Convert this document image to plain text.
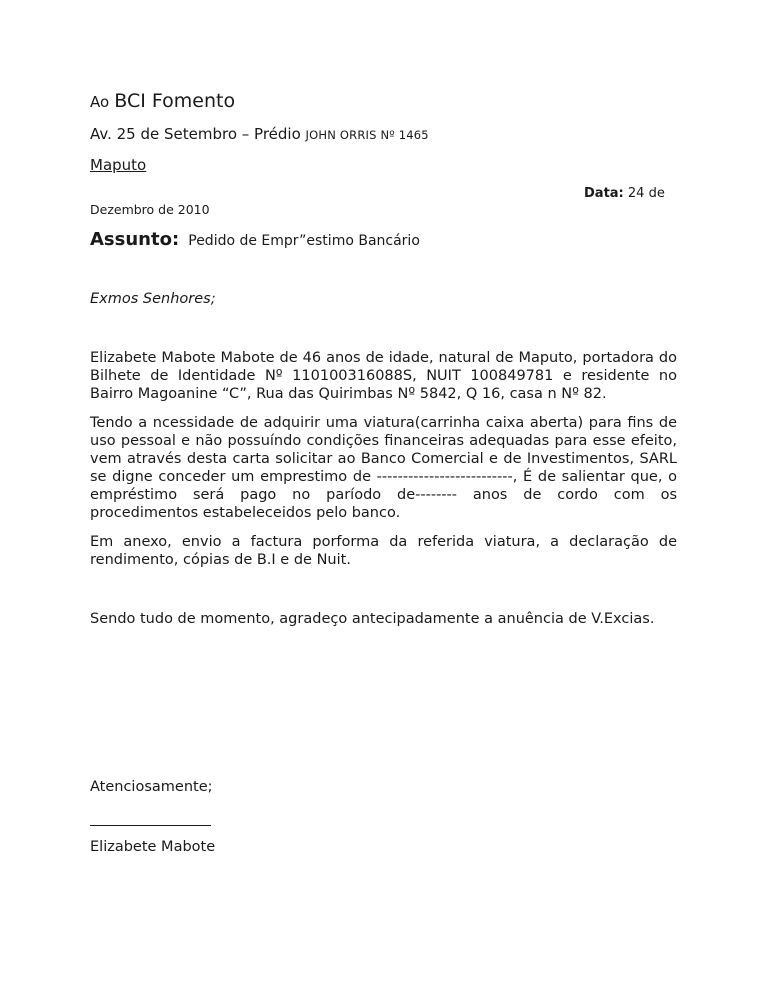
Ao BCI Fomento
Av. 25 de Setembro – Prédio JOHN ORRIS Nº 1465
Maputo
Data: 24 de
Dezembro de 2010
Assunto: Pedido de Empr”estimo Bancário
Exmos Senhores;
Elizabete Mabote Mabote de 46 anos de idade, natural de Maputo, portadora do Bilhete de Identidade Nº 110100316088S, NUIT 100849781 e residente no Bairro Magoanine “C”, Rua das Quirimbas Nº 5842, Q 16, casa n Nº 82.
Tendo a ncessidade de adquirir uma viatura(carrinha caixa aberta) para fins de uso pessoal e não possuíndo condições financeiras adequadas para esse efeito, vem através desta carta solicitar ao Banco Comercial e de Investimentos, SARL se digne conceder um emprestimo de --------------------------, É de salientar que, o empréstimo será pago no paríodo de-------- anos de cordo com os procedimentos estabeleceidos pelo banco.
Em anexo, envio a factura porforma da referida viatura, a declaração de rendimento, cópias de B.I e de Nuit.
Sendo tudo de momento, agradeço antecipadamente a anuência de V.Excias.
Atenciosamente;
Elizabete Mabote
